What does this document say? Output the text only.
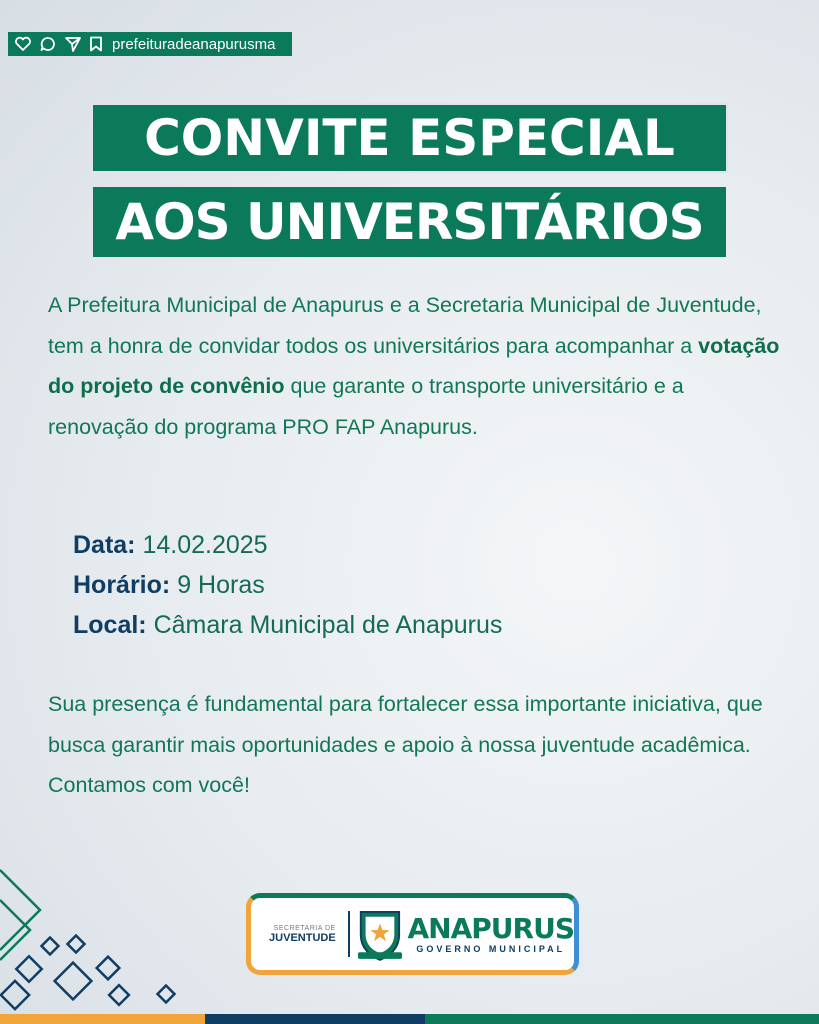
prefeituradeanapurusma
CONVITE ESPECIAL
AOS UNIVERSITÁRIOS
A Prefeitura Municipal de Anapurus e a Secretaria Municipal de Juventude, tem a honra de convidar todos os universitários para acompanhar a votação do projeto de convênio que garante o transporte universitário e a renovação do programa PRO FAP Anapurus.
Data: 14.02.2025
Horário: 9 Horas
Local: Câmara Municipal de Anapurus
Sua presença é fundamental para fortalecer essa importante iniciativa, que busca garantir mais oportunidades e apoio à nossa juventude acadêmica.
Contamos com você!
SECRETARIA DE
JUVENTUDE	ANAPURUS
GOVERNO MUNICIPAL
